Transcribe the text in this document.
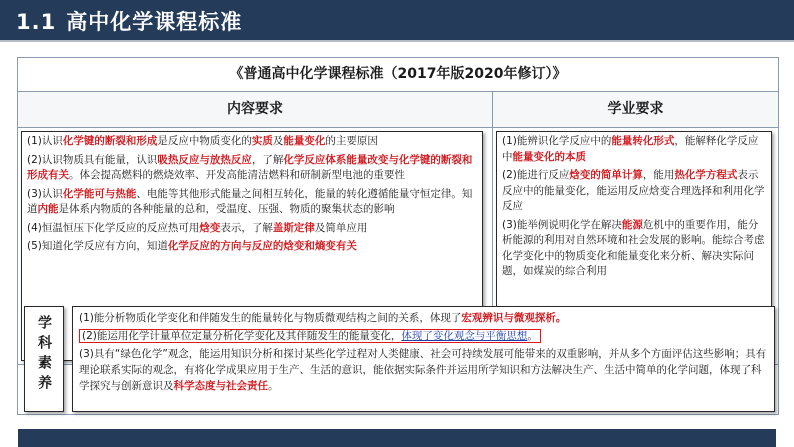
1.1 高中化学课程标准
《普通高中化学课程标准（2017年版2020年修订）》
内容要求	学业要求
(1)认识化学键的断裂和形成是反应中物质变化的实质及能量变化的主要原因
(2)认识物质具有能量，认识吸热反应与放热反应，了解化学反应体系能量改变与化学键的断裂和形成有关。体会提高燃料的燃烧效率、开发高能清洁燃料和研制新型电池的重要性
(3)认识化学能可与热能、电能等其他形式能量之间相互转化，能量的转化遵循能量守恒定律。知道内能是体系内物质的各种能量的总和，受温度、压强、物质的聚集状态的影响
(4)恒温恒压下化学反应的反应热可用焓变表示，了解盖斯定律及简单应用
(5)知道化学反应有方向，知道化学反应的方向与反应的焓变和熵变有关
(1)能辨识化学反应中的能量转化形式，能解释化学反应中能量变化的本质
(2)能进行反应焓变的简单计算，能用热化学方程式表示反应中的能量变化，能运用反应焓变合理选择和利用化学反应
(3)能举例说明化学在解决能源危机中的重要作用，能分析能源的利用对自然环境和社会发展的影响。能综合考虑化学变化中的物质变化和能量变化来分析、解决实际问题，如煤炭的综合利用
学科素养	(1)能分析物质化学变化和伴随发生的能量转化与物质微观结构之间的关系，体现了宏观辨识与微观探析。
(2)能运用化学计量单位定量分析化学变化及其伴随发生的能量变化，体现了变化观念与平衡思想。
(3)具有“绿色化学”观念，能运用知识分析和探讨某些化学过程对人类健康、社会可持续发展可能带来的双重影响，并从多个方面评估这些影响；具有理论联系实际的观念，有将化学成果应用于生产、生活的意识，能依据实际条件并运用所学知识和方法解决生产、生活中简单的化学问题，体现了科学探究与创新意识及科学态度与社会责任。
